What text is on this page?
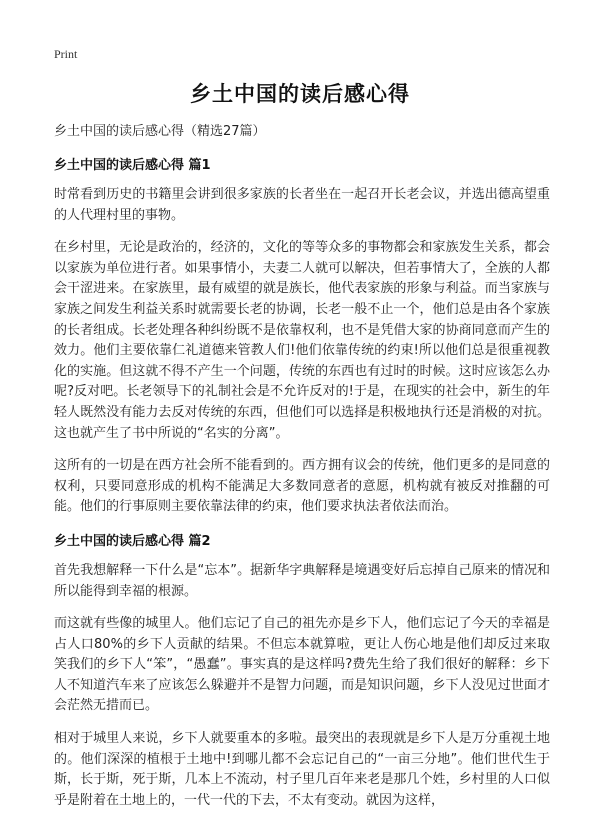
Print
乡土中国的读后感心得
乡土中国的读后感心得（精选27篇）
乡土中国的读后感心得 篇1

时常看到历史的书籍里会讲到很多家族的长者坐在一起召开长老会议，并选出德高望重的人代理村里的事物。

在乡村里，无论是政治的，经济的，文化的等等众多的事物都会和家族发生关系，都会以家族为单位进行者。如果事情小，夫妻二人就可以解决，但若事情大了，全族的人都会干涩进来。在家族里，最有威望的就是族长，他代表家族的形象与利益。而当家族与家族之间发生利益关系时就需要长老的协调，长老一般不止一个，他们总是由各个家族的长者组成。长老处理各种纠纷既不是依靠权利，也不是凭借大家的协商同意而产生的效力。他们主要依靠仁礼道德来管教人们!他们依靠传统的约束!所以他们总是很重视教化的实施。但这就不得不产生一个问题，传统的东西也有过时的时候。这时应该怎么办呢?反对吧。长老领导下的礼制社会是不允许反对的!于是，在现实的社会中，新生的年轻人既然没有能力去反对传统的东西，但他们可以选择是积极地执行还是消极的对抗。这也就产生了书中所说的“名实的分离”。

这所有的一切是在西方社会所不能看到的。西方拥有议会的传统，他们更多的是同意的权利，只要同意形成的机构不能满足大多数同意者的意愿，机构就有被反对推翻的可能。他们的行事原则主要依靠法律的约束，他们要求执法者依法而治。

乡土中国的读后感心得 篇2

首先我想解释一下什么是“忘本”。据新华字典解释是境遇变好后忘掉自己原来的情况和所以能得到幸福的根源。

而这就有些像的城里人。他们忘记了自己的祖先亦是乡下人，他们忘记了今天的幸福是占人口80%的乡下人贡献的结果。不但忘本就算啦，更让人伤心地是他们却反过来取笑我们的乡下人“笨”，“愚蠢”。事实真的是这样吗?费先生给了我们很好的解释：乡下人不知道汽车来了应该怎么躲避并不是智力问题，而是知识问题，乡下人没见过世面才会茫然无措而已。

相对于城里人来说，乡下人就要重本的多啦。最突出的表现就是乡下人是万分重视土地的。他们深深的植根于土地中!到哪儿都不会忘记自己的“一亩三分地”。他们世代生于斯，长于斯，死于斯，几本上不流动，村子里几百年来老是那几个姓，乡村里的人口似乎是附着在土地上的，一代一代的下去，不太有变动。就因为这样，
